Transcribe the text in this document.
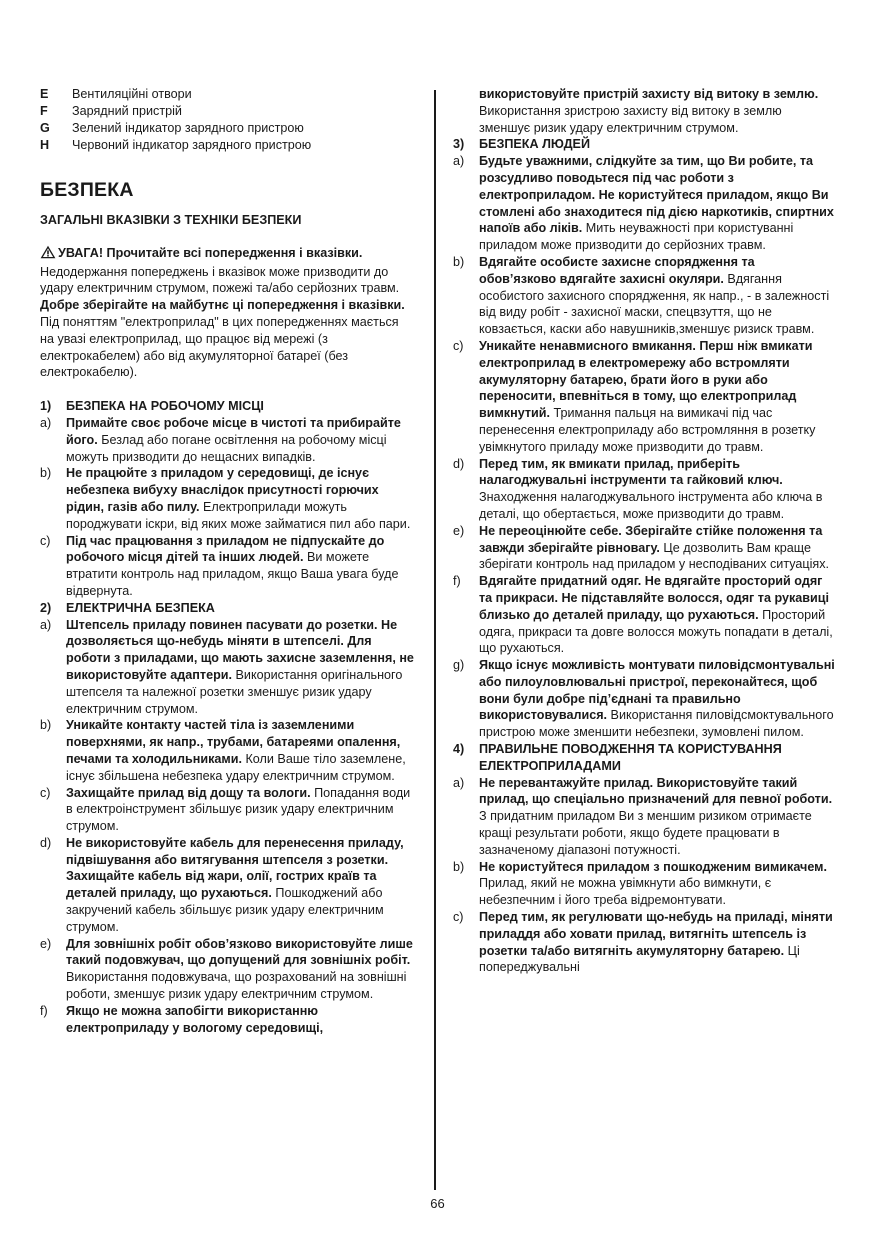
E	Вентиляційні отвори
F	Зарядний пристрій
G	Зелений індикатор зарядного пристрою
H	Червоний індикатор зарядного пристрою
БЕЗПЕКА
ЗАГАЛЬНІ ВКАЗІВКИ З ТЕХНІКИ БЕЗПЕКИ
УВАГА! Прочитайте всі попередження і вказівки. Недодержання попереджень і вказівок може призводити до удару електричним струмом, пожежі та/або серйозних травм. Добре зберігайте на майбутнє ці попередження і вказівки. Під поняттям "електроприлад" в цих попередженнях мається на увазі електроприлад, що працює від мережі (з електрокабелем) або від акумуляторної батареї (без електрокабелю).
1)	БЕЗПЕКА НА РОБОЧОМУ МІСЦІ
a)	Примайте своє робоче місце в чистоті та прибирайте його. Безлад або погане освітлення на робочому місці можуть призводити до нещасних випадків.
b)	Не працюйте з приладом у середовищі, де існує небезпека вибуху внаслідок присутності горючих рідин, газів або пилу. Електроприлади можуть породжувати іскри, від яких може займатися пил або пари.
c)	Під час працювання з приладом не підпускайте до робочого місця дітей та інших людей. Ви можете втратити контроль над приладом, якщо Ваша увага буде відвернута.
2)	ЕЛЕКТРИЧНА БЕЗПЕКА
a)	Штепсель приладу повинен пасувати до розетки. Не дозволяється що-небудь міняти в штепселі. Для роботи з приладами, що мають захисне заземлення, не використовуйте адаптери. Використання оригінального штепселя та належної розетки зменшує ризик удару електричним струмом.
b)	Уникайте контакту частей тіла із заземленими поверхнями, як напр., трубами, батареями опалення, печами та холодильниками. Коли Ваше тіло заземлене, існує збільшена небезпека удару електричним струмом.
c)	Захищайте прилад від дощу та вологи. Попадання води в електроінструмент збільшує ризик удару електричним струмом.
d)	Не використовуйте кабель для перенесення приладу, підвішування або витягування штепселя з розетки. Захищайте кабель від жари, олії, гострих країв та деталей приладу, що рухаються. Пошкоджений або закручений кабель збільшує ризик удару електричним струмом.
e)	Для зовнішніх робіт обов’язково використовуйте лише такий подовжувач, що допущений для зовнішніх робіт. Використання подовжувача, що розрахований на зовнішні роботи, зменшує ризик удару електричним струмом.
f)	Якщо не можна запобігти використанню електроприладу у вологому середовищі,
використовуйте пристрій захисту від витоку в землю. Використання зристрою захисту від витоку в землю зменшує ризик удару електричним струмом.
3)	БЕЗПЕКА ЛЮДЕЙ
a)	Будьте уважними, слідкуйте за тим, що Ви робите, та розсудливо поводьтеся під час роботи з електроприладом. Не користуйтеся приладом, якщо Ви стомлені або знаходитеся під дією наркотиків, спиртних напоїв або ліків. Мить неуважності при користуванні приладом може призводити до серйозних травм.
b)	Вдягайте особисте захисне спорядження та обов’язково вдягайте захисні окуляри. Вдягання особистого захисного спорядження, як напр., - в залежності від виду робіт - захисної маски, спецвзуття, що не ковзається, каски або навушників,зменшує ризиск травм.
c)	Уникайте ненавмисного вмикання. Перш ніж вмикати електроприлад в електромережу або встромляти акумуляторну батарею, брати його в руки або переносити, впевніться в тому, що електроприлад вимкнутий. Тримання пальця на вимикачі під час перенесення електроприладу або встромляння в розетку увімкнутого приладу може призводити до травм.
d)	Перед тим, як вмикати прилад, приберіть налагоджувальні інструменти та гайковий ключ. Знаходження налагоджувального інструмента або ключа в деталі, що обертається, може призводити до травм.
e)	Не переоцінюйте себе. Зберігайте стійке положення та завжди зберігайте рівновагу. Це дозволить Вам краще зберігати контроль над приладом у несподіваних ситуаціях.
f)	Вдягайте придатний одяг. Не вдягайте просторий одяг та прикраси. Не підставляйте волосся, одяг та рукавиці близько до деталей приладу, що рухаються. Просторий одяга, прикраси та довге волосся можуть попадати в деталі, що рухаються.
g)	Якщо існує можливість монтувати пиловідсмонтувальні або пилоуловлювальні пристрої, переконайтеся, щоб вони були добре під’єднані та правильно використовувалися. Використання пиловідсмоктувального пристрою може зменшити небезпеки, зумовлені пилом.
4)	ПРАВИЛЬНЕ ПОВОДЖЕННЯ ТА КОРИСТУВАННЯ ЕЛЕКТРОПРИЛАДАМИ
a)	Не перевантажуйте прилад. Використовуйте такий прилад, що спеціально призначений для певної роботи. З придатним приладом Ви з меншим ризиком отримаєте кращі результати роботи, якщо будете працювати в зазначеному діапазоні потужності.
b)	Не користуйтеся приладом з пошкодженим вимикачем. Прилад, який не можна увімкнути або вимкнути, є небезпечним і його треба відремонтувати.
c)	Перед тим, як регулювати що-небудь на приладі, міняти приладдя або ховати прилад, витягніть штепсель із розетки та/або витягніть акумуляторну батарею. Ці попереджувальні
66
